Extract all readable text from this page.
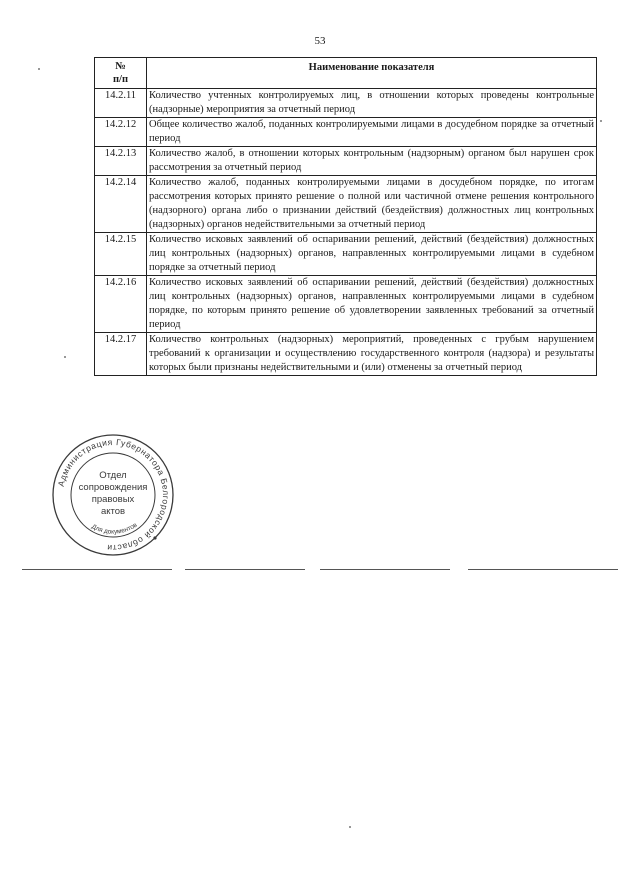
53
№
п/п	Наименование показателя
14.2.11	Количество учтенных контролируемых лиц, в отношении которых проведены контрольные (надзорные) мероприятия за отчетный период
14.2.12	Общее количество жалоб, поданных контролируемыми лицами в досудебном порядке за отчетный период
14.2.13	Количество жалоб, в отношении которых контрольным (надзорным) органом был нарушен срок рассмотрения за отчетный период
14.2.14	Количество жалоб, поданных контролируемыми лицами в досудебном порядке, по итогам рассмотрения которых принято решение о полной или частичной отмене решения контрольного (надзорного) органа либо о признании действий (бездействия) должностных лиц контрольных (надзорных) органов недействительными за отчетный период
14.2.15	Количество исковых заявлений об оспаривании решений, действий (бездействия) должностных лиц контрольных (надзорных) органов, направленных контролируемыми лицами в судебном порядке за отчетный период
14.2.16	Количество исковых заявлений об оспаривании решений, действий (бездействия) должностных лиц контрольных (надзорных) органов, направленных контролируемыми лицами в судебном порядке, по которым принято решение об удовлетворении заявленных требований за отчетный период
14.2.17	Количество контрольных (надзорных) мероприятий, проведенных с грубым нарушением требований к организации и осуществлению государственного контроля (надзора) и результаты которых были признаны недействительными и (или) отменены за отчетный период
Администрация Губернатора Белгородской области
Для документов
Отдел
сопровождения
правовых
актов
